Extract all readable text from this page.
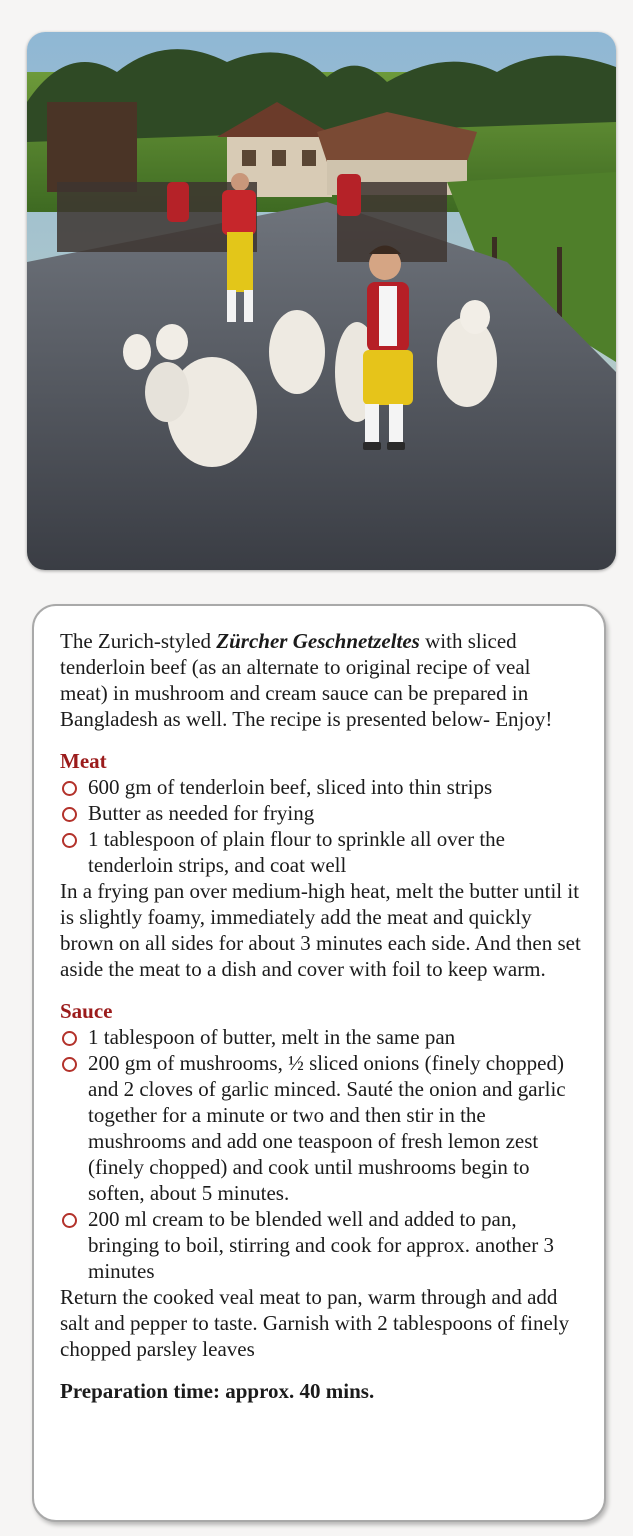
The Zurich-styled Zürcher Geschnetzeltes with sliced tenderloin beef (as an alternate to original recipe of veal meat) in mushroom and cream sauce can be prepared in Bangladesh as well. The recipe is presented below- Enjoy!

Meat
600 gm of tenderloin beef, sliced into thin strips
Butter as needed for frying
1 tablespoon of plain flour to sprinkle all over the tenderloin strips, and coat well

In a frying pan over medium-high heat, melt the butter until it is slightly foamy, immediately add the meat and quickly brown on all sides for about 3 minutes each side. And then set aside the meat to a dish and cover with foil to keep warm.

Sauce
1 tablespoon of butter, melt in the same pan
200 gm of mushrooms, ½ sliced onions (finely chopped) and 2 cloves of garlic minced. Sauté the onion and garlic together for a minute or two and then stir in the mushrooms and add one teaspoon of fresh lemon zest (finely chopped) and cook until mushrooms begin to soften, about 5 minutes.
200 ml cream to be blended well and added to pan, bringing to boil, stirring and cook for approx. another 3 minutes

Return the cooked veal meat to pan, warm through and add salt and pepper to taste. Garnish with 2 tablespoons of finely chopped parsley leaves

Preparation time: approx. 40 mins.
